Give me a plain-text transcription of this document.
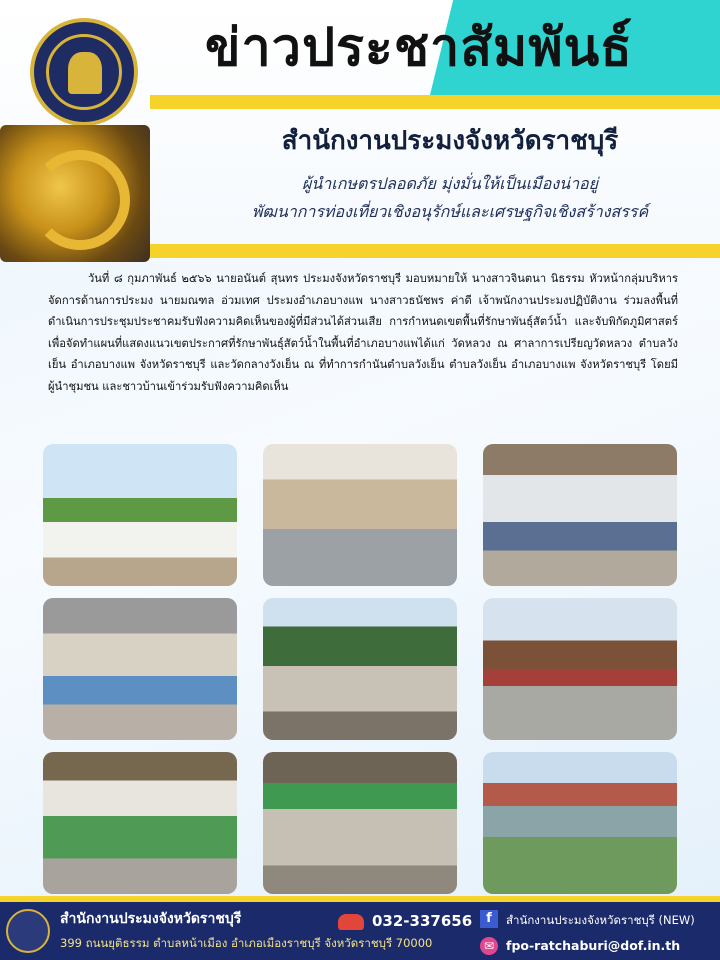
ข่าวประชาสัมพันธ์
สำนักงานประมงจังหวัดราชบุรี
ผู้นำเกษตรปลอดภัย มุ่งมั่นให้เป็นเมืองน่าอยู่
พัฒนาการท่องเที่ยวเชิงอนุรักษ์และเศรษฐกิจเชิงสร้างสรรค์
วันที่ ๘ กุมภาพันธ์ ๒๕๖๖ นายอนันต์ สุนทร ประมงจังหวัดราชบุรี มอบหมายให้ นางสาวจินตนา นิธรรม หัวหน้ากลุ่มบริหารจัดการด้านการประมง นายมณฑล อ่วมเทศ ประมงอำเภอบางแพ นางสาวธนัชพร ค่าดี เจ้าพนักงานประมงปฏิบัติงาน ร่วมลงพื้นที่ดำเนินการประชุมประชาคมรับฟังความคิดเห็นของผู้ที่มีส่วนได้ส่วนเสีย การกำหนดเขตพื้นที่รักษาพันธุ์สัตว์น้ำ และจับพิกัดภูมิศาสตร์เพื่อจัดทำแผนที่แสดงแนวเขตประกาศที่รักษาพันธุ์สัตว์น้ำในพื้นที่อำเภอบางแพได้แก่ วัดหลวง ณ ศาลาการเปรียญวัดหลวง ตำบลวังเย็น อำเภอบางแพ จังหวัดราชบุรี และวัดกลางวังเย็น ณ ที่ทำการกำนันตำบลวังเย็น ตำบลวังเย็น อำเภอบางแพ จังหวัดราชบุรี โดยมีผู้นำชุมชน และชาวบ้านเข้าร่วมรับฟังความคิดเห็น
สำนักงานประมงจังหวัดราชบุรี
399 ถนนยุติธรรม ตำบลหน้าเมือง อำเภอเมืองราชบุรี จังหวัดราชบุรี 70000
032-337656	f	สำนักงานประมงจังหวัดราชบุรี (NEW)
✉ fpo-ratchaburi@dof.in.th
